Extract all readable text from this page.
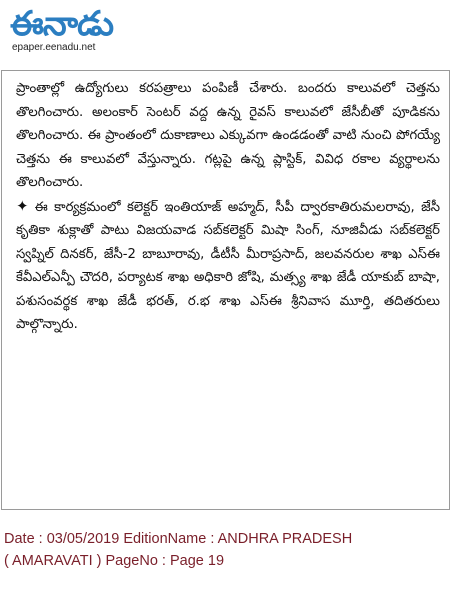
ఈనాడు
epaper.eenadu.net

ప్రాంతాల్లో ఉద్యోగులు కరపత్రాలు పంపిణీ చేశారు. బందరు కాలువలో చెత్తను తొలగించారు. అలంకార్ సెంటర్ వద్ద ఉన్న రైవస్ కాలువలో జేసీబీతో పూడికను తొలగించారు. ఈ ప్రాంతంలో దుకాణాలు ఎక్కువగా ఉండడంతో వాటి నుంచి పోగయ్యే చెత్తను ఈ కాలువలో వేస్తున్నారు. గట్లపై ఉన్న ప్లాస్టిక్, వివిధ రకాల వ్యర్థాలను తొలగించారు.

✦ ఈ కార్యక్రమంలో కలెక్టర్ ఇంతియాజ్ అహ్మద్, సీపీ ద్వారకాతిరుమలరావు, జేసీ కృతికా శుక్లాతో పాటు విజయవాడ సబ్‌కలెక్టర్ మిషా సింగ్, నూజివీడు సబ్‌కలెక్టర్ స్వప్నిల్ దినకర్, జేసీ-2 బాబూరావు, డీటీసీ మీరాప్రసాద్, జలవనరుల శాఖ ఎస్ఈ కేవీఎల్ఎన్పీ చౌదరి, పర్యాటక శాఖ అధికారి జోషి, మత్స్య శాఖ జేడీ యాకుబ్ బాషా, పశుసంవర్థక శాఖ జేడీ భరత్, ర.భ శాఖ ఎస్ఈ శ్రీనివాస మూర్తి, తదితరులు పాల్గొన్నారు.

Date : 03/05/2019 EditionName : ANDHRA PRADESH
( AMARAVATI ) PageNo : Page 19
